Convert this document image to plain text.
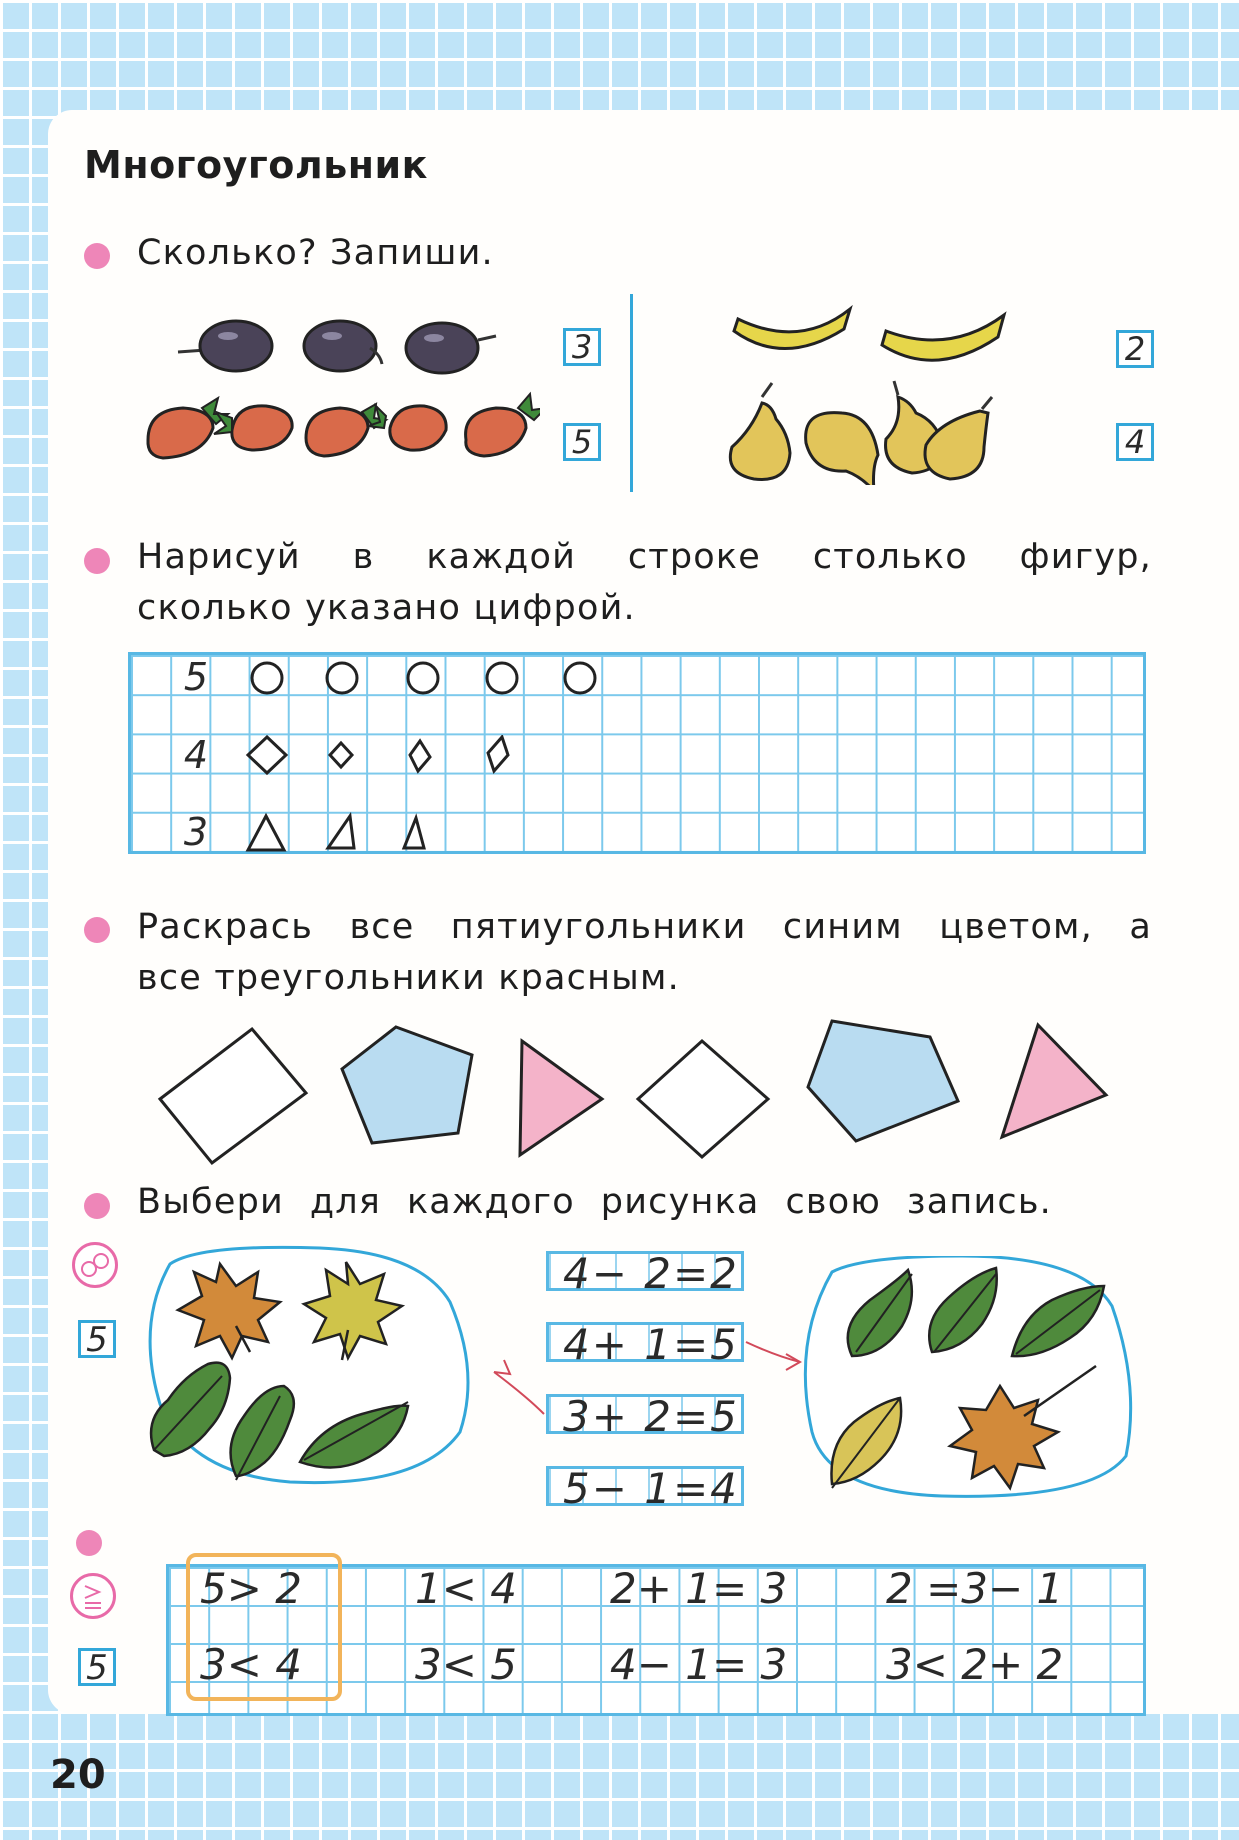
Многоугольник
Сколько? Запиши.
3
5
2
4
Нарисуй в каждой строке столько фигур,
сколько указано цифрой.
5
4
3
Раскрась все пятиугольники синим цветом, а
все треугольники красным.
Выбери для каждого рисунка свою запись.
5
4− 2=2
4+ 1=5
3+ 2=5
5− 1=4
5
5> 2	1< 4	2+ 1= 3	2 =3− 1
3< 4	3< 5	4− 1= 3	3< 2+ 2
20
